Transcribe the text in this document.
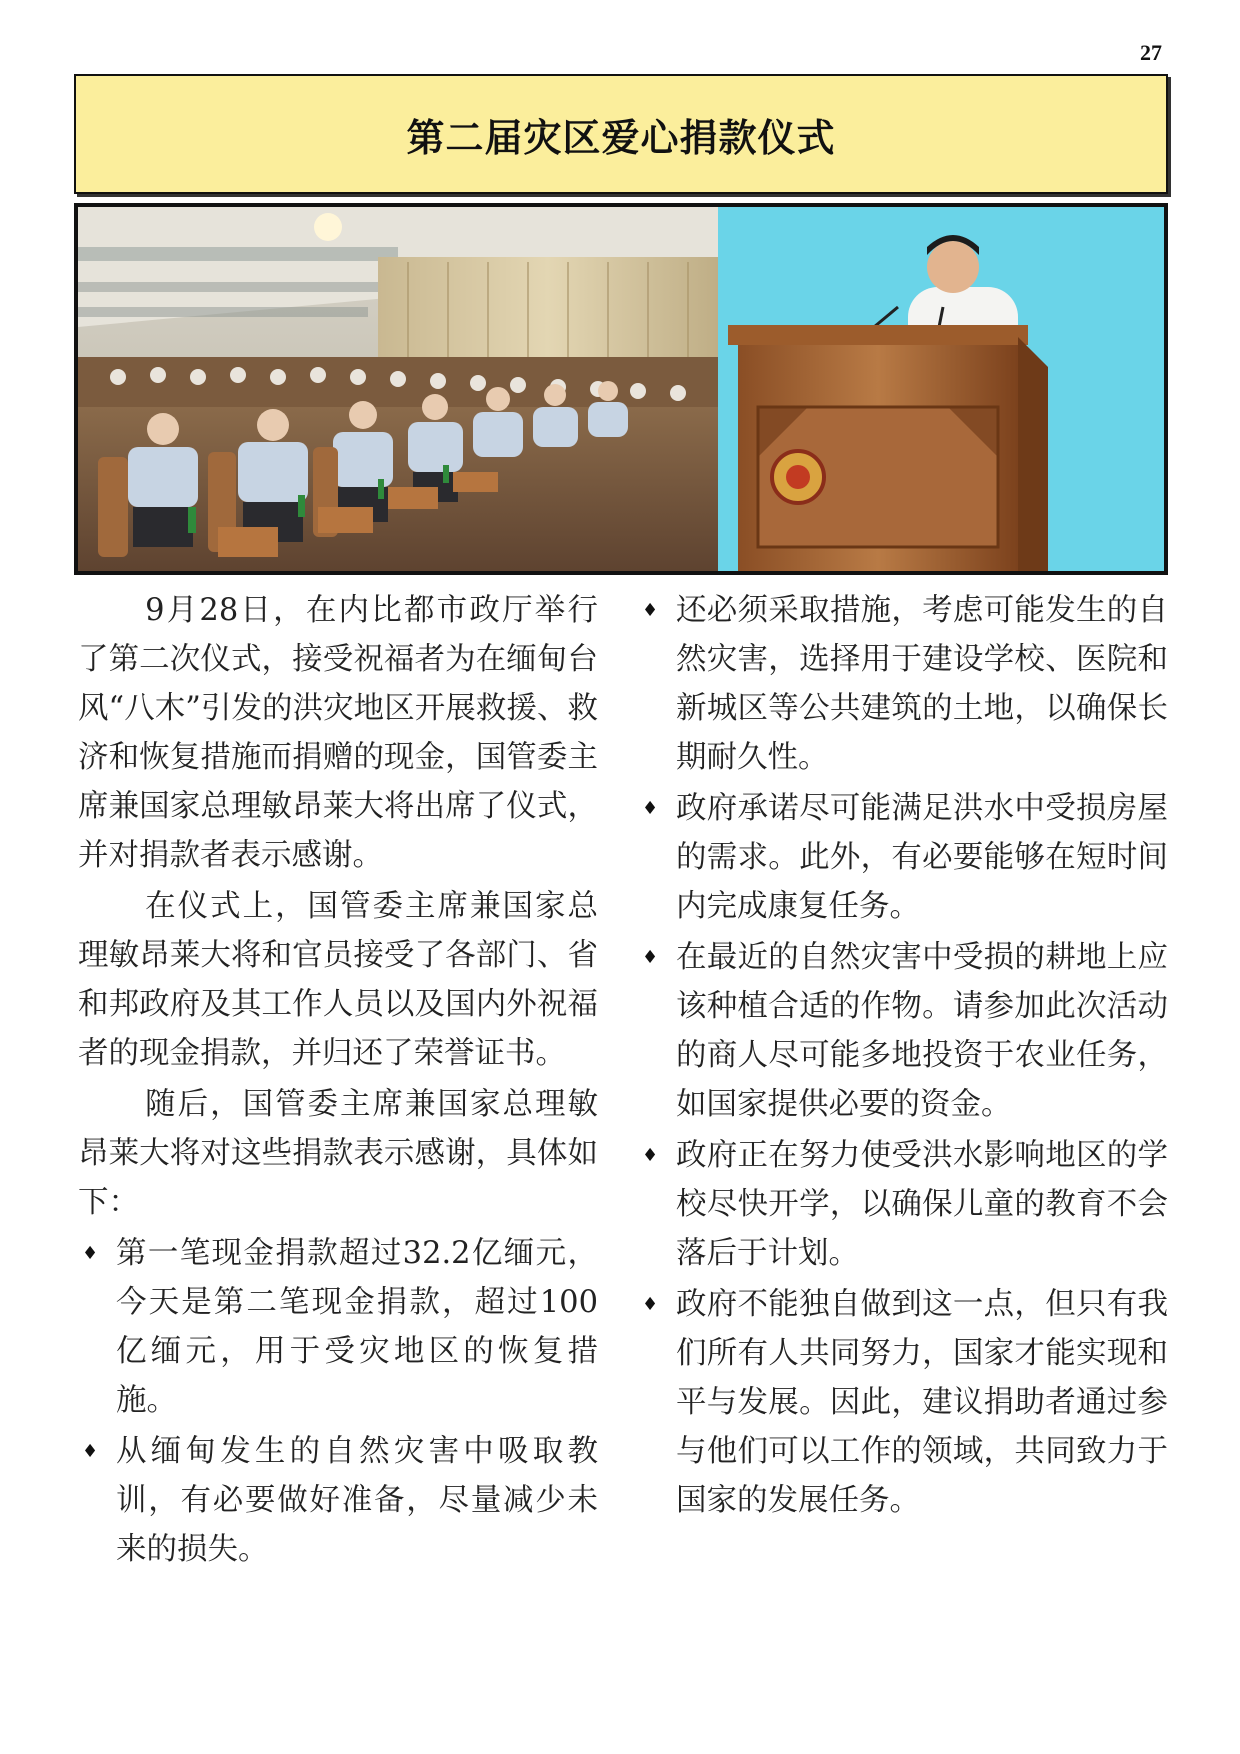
27
第二届灾区爱心捐款仪式

9月28日，在内比都市政厅举行了第二次仪式，接受祝福者为在缅甸台风“八木”引发的洪灾地区开展救援、救济和恢复措施而捐赠的现金，国管委主席兼国家总理敏昂莱大将出席了仪式，并对捐款者表示感谢。

在仪式上，国管委主席兼国家总理敏昂莱大将和官员接受了各部门、省和邦政府及其工作人员以及国内外祝福者的现金捐款，并归还了荣誉证书。

随后，国管委主席兼国家总理敏昂莱大将对这些捐款表示感谢，具体如下：

♦ 第一笔现金捐款超过32.2亿缅元，今天是第二笔现金捐款，超过100亿缅元，用于受灾地区的恢复措施。
♦ 从缅甸发生的自然灾害中吸取教训，有必要做好准备，尽量减少未来的损失。
♦ 还必须采取措施，考虑可能发生的自然灾害，选择用于建设学校、医院和新城区等公共建筑的土地，以确保长期耐久性。
♦ 政府承诺尽可能满足洪水中受损房屋的需求。此外，有必要能够在短时间内完成康复任务。
♦ 在最近的自然灾害中受损的耕地上应该种植合适的作物。请参加此次活动的商人尽可能多地投资于农业任务，如国家提供必要的资金。
♦ 政府正在努力使受洪水影响地区的学校尽快开学，以确保儿童的教育不会落后于计划。
♦ 政府不能独自做到这一点，但只有我们所有人共同努力，国家才能实现和平与发展。因此，建议捐助者通过参与他们可以工作的领域，共同致力于国家的发展任务。
